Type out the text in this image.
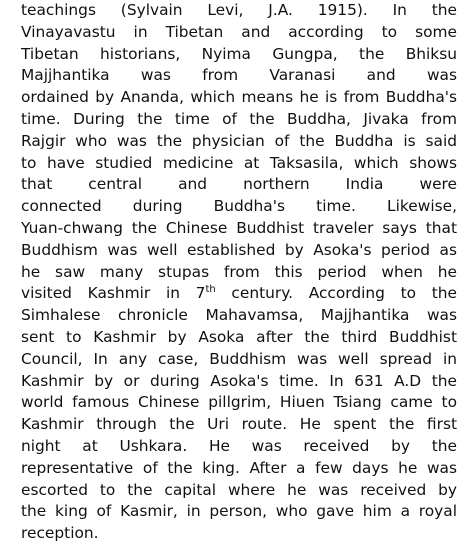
teachings (Sylvain Levi, J.A. 1915). In the
Vinayavastu in Tibetan and according to some
Tibetan historians, Nyima Gungpa, the Bhiksu
Majjhantika was from Varanasi and was
ordained by Ananda, which means he is from Buddha's
time. During the time of the Buddha, Jivaka from
Rajgir who was the physician of the Buddha is said
to have studied medicine at Taksasila, which shows
that central and northern India were
connected during Buddha's time. Likewise,
Yuan-chwang the Chinese Buddhist traveler says that
Buddhism was well established by Asoka's period as
he saw many stupas from this period when he
visited Kashmir in 7th century. According to the
Simhalese chronicle Mahavamsa, Majjhantika was
sent to Kashmir by Asoka after the third Buddhist
Council, In any case, Buddhism was well spread in
Kashmir by or during Asoka's time. In 631 A.D the
world famous Chinese pillgrim, Hiuen Tsiang came to
Kashmir through the Uri route. He spent the first
night at Ushkara. He was received by the
representative of the king. After a few days he was
escorted to the capital where he was received by
the king of Kasmir, in person, who gave him a royal
reception.
